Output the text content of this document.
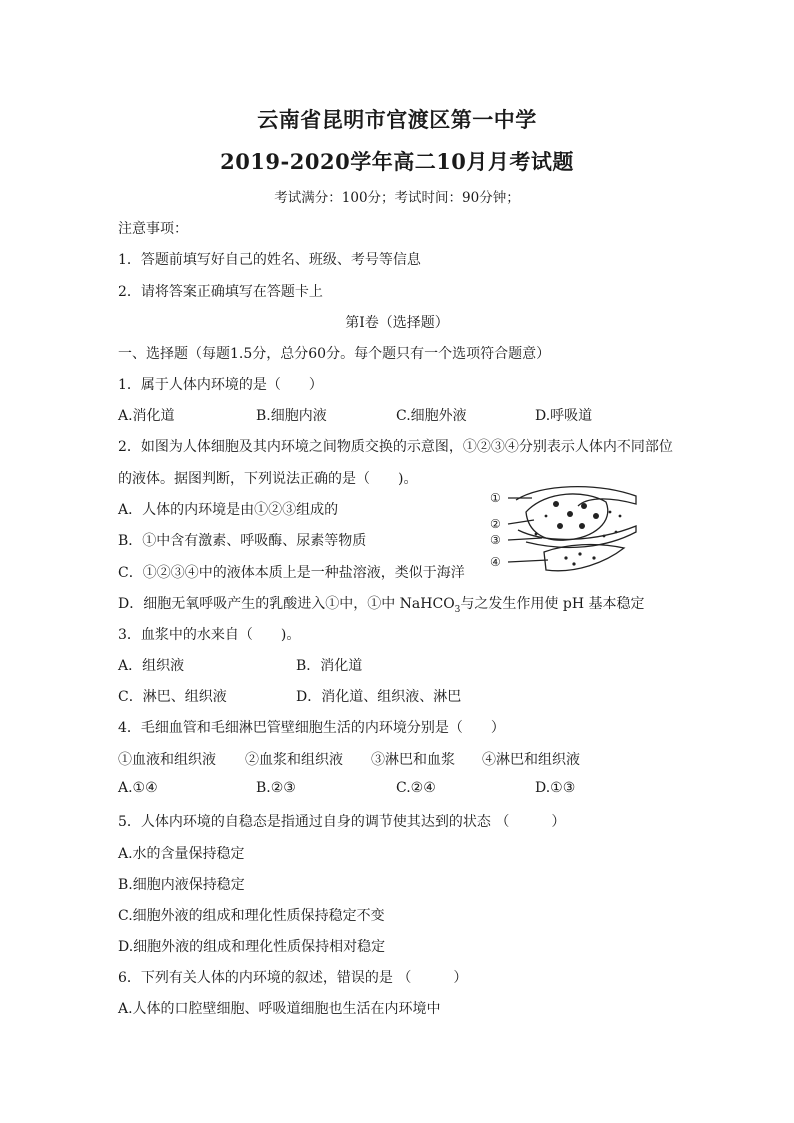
云南省昆明市官渡区第一中学
2019-2020学年高二10月月考试题
考试满分：100分；考试时间：90分钟；
注意事项：
1．答题前填写好自己的姓名、班级、考号等信息
2．请将答案正确填写在答题卡上
第I卷（选择题）
一、选择题（每题1.5分，总分60分。每个题只有一个选项符合题意）
1．属于人体内环境的是（　　）
A.消化道	B.细胞内液	C.细胞外液	D.呼吸道
2．如图为人体细胞及其内环境之间物质交换的示意图，①②③④分别表示人体内不同部位
的液体。据图判断，下列说法正确的是（　　)。
A．人体的内环境是由①②③组成的
B．①中含有激素、呼吸酶、尿素等物质
C．①②③④中的液体本质上是一种盐溶液，类似于海洋
D．细胞无氧呼吸产生的乳酸进入①中，①中 NaHCO$_3$与之发生作用使 pH 基本稳定
①
②
③
④
3．血浆中的水来自（　　)。
A．组织液	B．消化道
C．淋巴、组织液	D．消化道、组织液、淋巴
4．毛细血管和毛细淋巴管壁细胞生活的内环境分别是（　　）
①血液和组织液 ②血浆和组织液 ③淋巴和血浆 ④淋巴和组织液
A.①④	B.②③	C.②④	D.①③
5．人体内环境的自稳态是指通过自身的调节使其达到的状态 （　　　）
A.水的含量保持稳定
B.细胞内液保持稳定
C.细胞外液的组成和理化性质保持稳定不变
D.细胞外液的组成和理化性质保持相对稳定
6．下列有关人体的内环境的叙述，错误的是 （　　　）
A.人体的口腔壁细胞、呼吸道细胞也生活在内环境中
